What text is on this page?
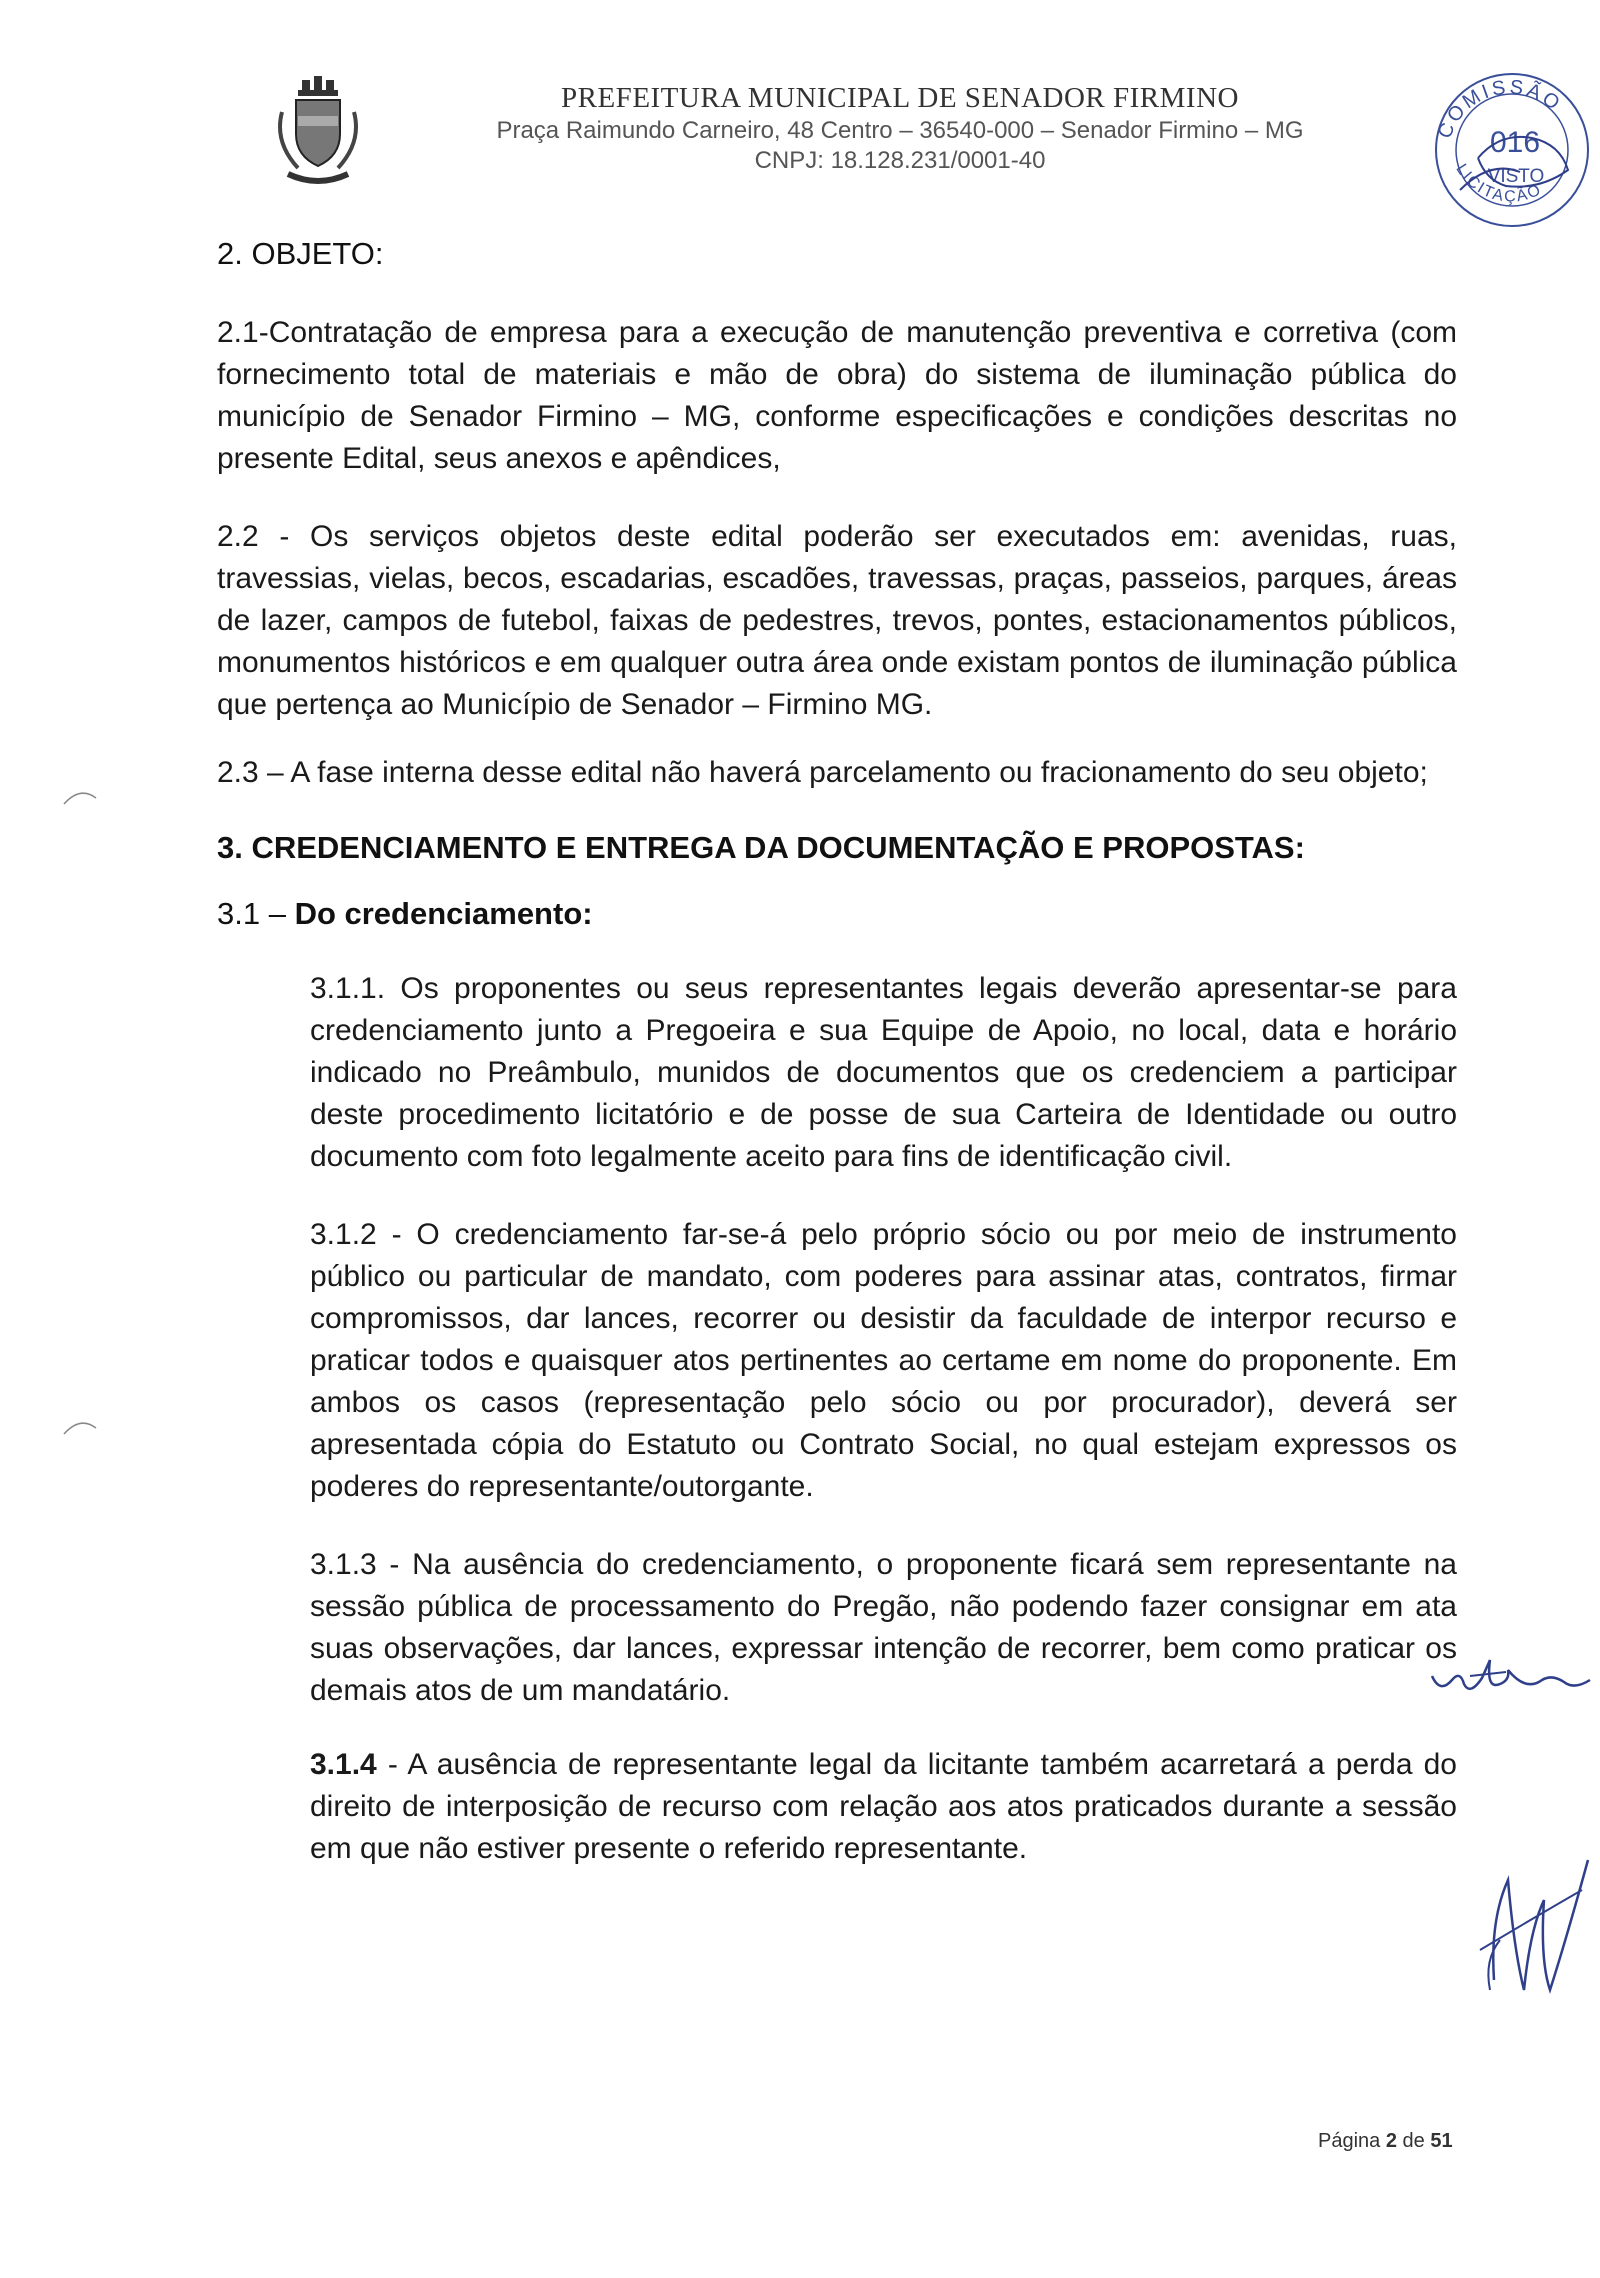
PREFEITURA MUNICIPAL DE SENADOR FIRMINO
Praça Raimundo Carneiro, 48 Centro – 36540-000 – Senador Firmino – MG
CNPJ: 18.128.231/0001-40
COMISSÃO
016
VISTO
LICITAÇÃO
2. OBJETO:

2.1-Contratação de empresa para a execução de manutenção preventiva e corretiva (com fornecimento total de materiais e mão de obra) do sistema de iluminação pública do município de Senador Firmino – MG, conforme especificações e condições descritas no presente Edital, seus anexos e apêndices,

2.2 - Os serviços objetos deste edital poderão ser executados em: avenidas, ruas, travessias, vielas, becos, escadarias, escadões, travessas, praças, passeios, parques, áreas de lazer, campos de futebol, faixas de pedestres, trevos, pontes, estacionamentos públicos, monumentos históricos e em qualquer outra área onde existam pontos de iluminação pública que pertença ao Município de Senador – Firmino MG.

2.3 – A fase interna desse edital não haverá parcelamento ou fracionamento do seu objeto;

3. CREDENCIAMENTO E ENTREGA DA DOCUMENTAÇÃO E PROPOSTAS:
3.1 – Do credenciamento:

3.1.1. Os proponentes ou seus representantes legais deverão apresentar-se para credenciamento junto a Pregoeira e sua Equipe de Apoio, no local, data e horário indicado no Preâmbulo, munidos de documentos que os credenciem a participar deste procedimento licitatório e de posse de sua Carteira de Identidade ou outro documento com foto legalmente aceito para fins de identificação civil.

3.1.2 - O credenciamento far-se-á pelo próprio sócio ou por meio de instrumento público ou particular de mandato, com poderes para assinar atas, contratos, firmar compromissos, dar lances, recorrer ou desistir da faculdade de interpor recurso e praticar todos e quaisquer atos pertinentes ao certame em nome do proponente. Em ambos os casos (representação pelo sócio ou por procurador), deverá ser apresentada cópia do Estatuto ou Contrato Social, no qual estejam expressos os poderes do representante/outorgante.

3.1.3 - Na ausência do credenciamento, o proponente ficará sem representante na sessão pública de processamento do Pregão, não podendo fazer consignar em ata suas observações, dar lances, expressar intenção de recorrer, bem como praticar os demais atos de um mandatário.

3.1.4 - A ausência de representante legal da licitante também acarretará a perda do direito de interposição de recurso com relação aos atos praticados durante a sessão em que não estiver presente o referido representante.

Página 2 de 51
